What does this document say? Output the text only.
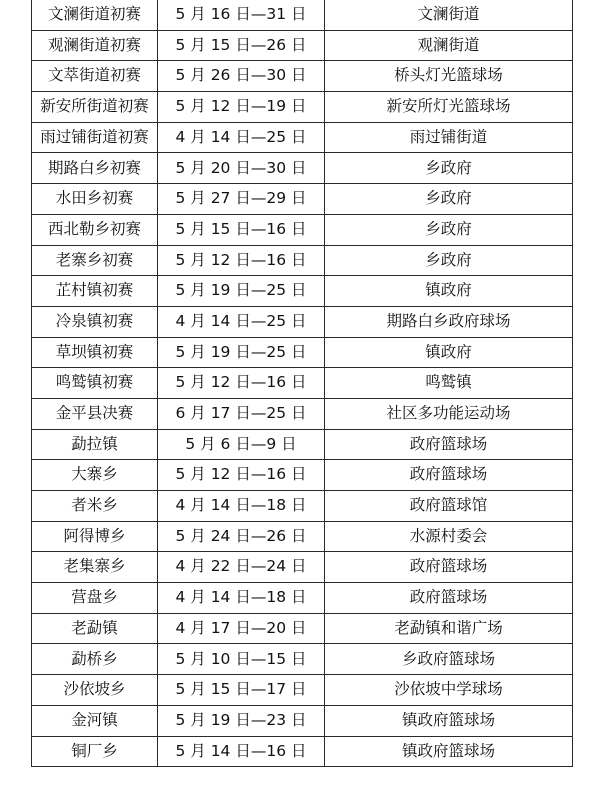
文澜街道初赛	5 月 16 日—31 日	文澜街道
观澜街道初赛	5 月 15 日—26 日	观澜街道
文萃街道初赛	5 月 26 日—30 日	桥头灯光篮球场
新安所街道初赛	5 月 12 日—19 日	新安所灯光篮球场
雨过铺街道初赛	4 月 14 日—25 日	雨过铺街道
期路白乡初赛	5 月 20 日—30 日	乡政府
水田乡初赛	5 月 27 日—29 日	乡政府
西北勒乡初赛	5 月 15 日—16 日	乡政府
老寨乡初赛	5 月 12 日—16 日	乡政府
芷村镇初赛	5 月 19 日—25 日	镇政府
冷泉镇初赛	4 月 14 日—25 日	期路白乡政府球场
草坝镇初赛	5 月 19 日—25 日	镇政府
鸣鹫镇初赛	5 月 12 日—16 日	鸣鹫镇
金平县决赛	6 月 17 日—25 日	社区多功能运动场
勐拉镇	5 月 6 日—9 日	政府篮球场
大寨乡	5 月 12 日—16 日	政府篮球场
者米乡	4 月 14 日—18 日	政府篮球馆
阿得博乡	5 月 24 日—26 日	水源村委会
老集寨乡	4 月 22 日—24 日	政府篮球场
营盘乡	4 月 14 日—18 日	政府篮球场
老勐镇	4 月 17 日—20 日	老勐镇和谐广场
勐桥乡	5 月 10 日—15 日	乡政府篮球场
沙依坡乡	5 月 15 日—17 日	沙依坡中学球场
金河镇	5 月 19 日—23 日	镇政府篮球场
铜厂乡	5 月 14 日—16 日	镇政府篮球场
